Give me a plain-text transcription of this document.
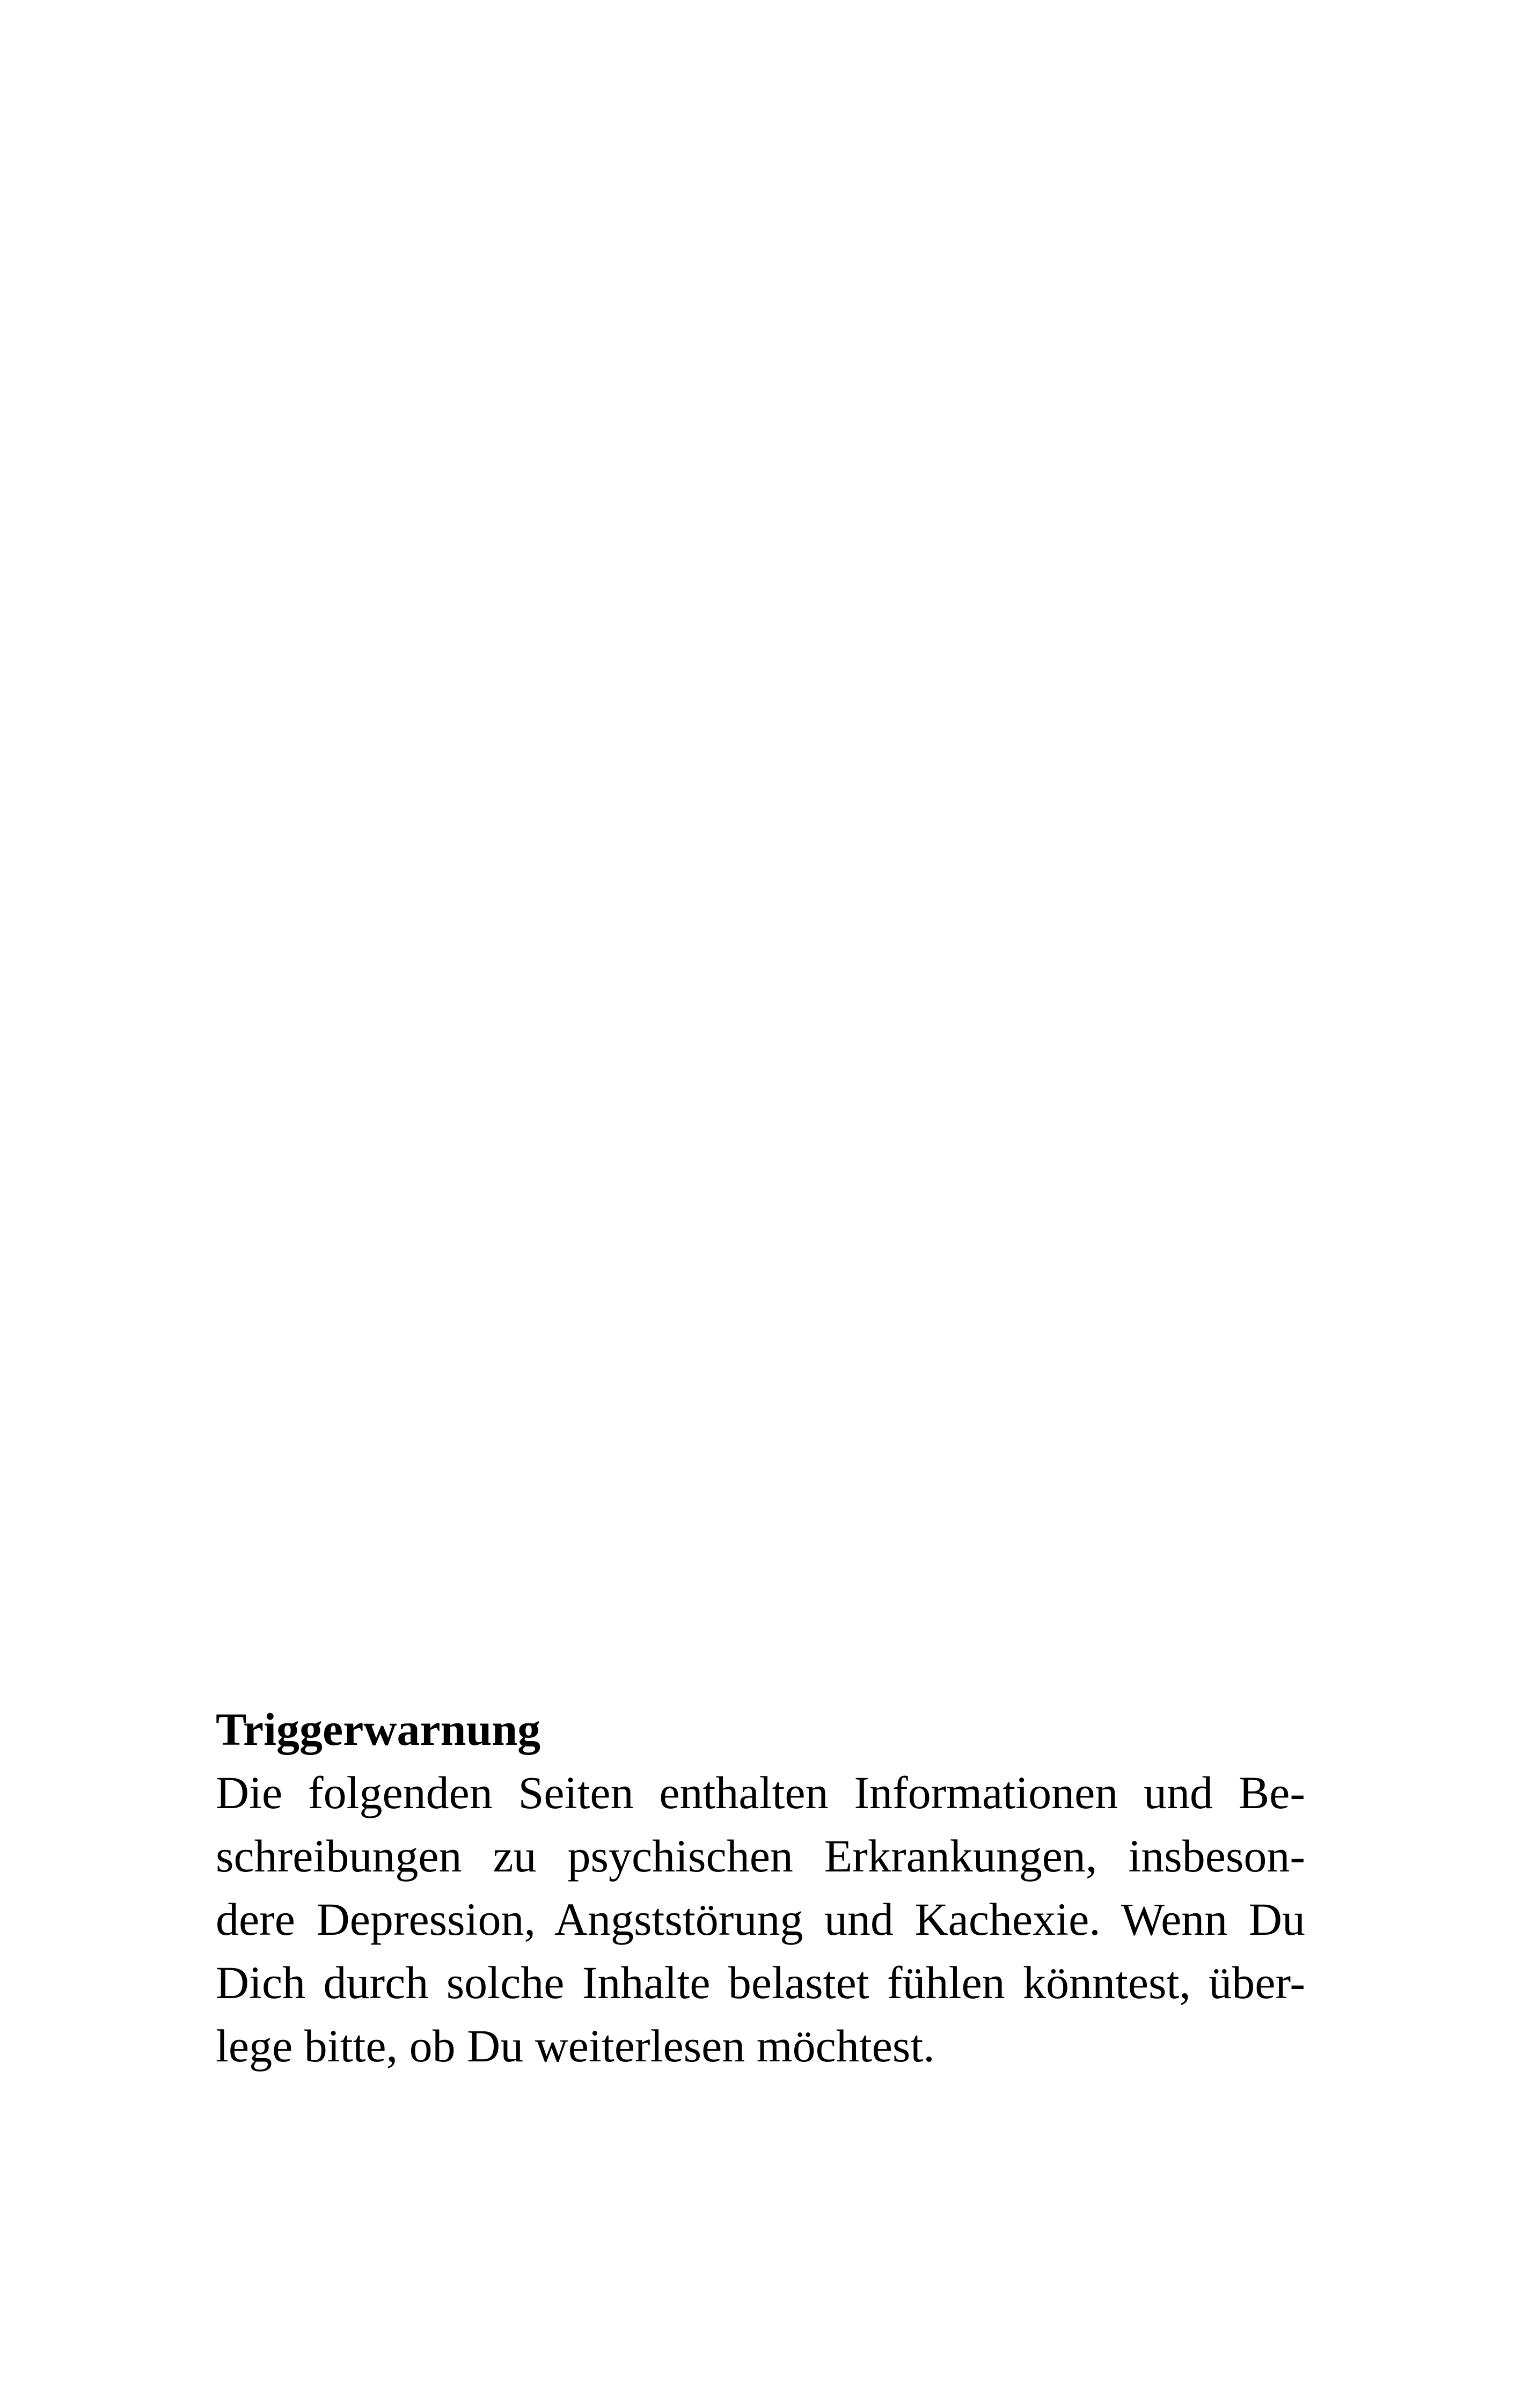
Triggerwarnung

Die folgenden Seiten enthalten Informationen und Be-

schreibungen zu psychischen Erkrankungen, insbeson-

dere Depression, Angststörung und Kachexie. Wenn Du

Dich durch solche Inhalte belastet fühlen könntest, über-

lege bitte, ob Du weiterlesen möchtest.
